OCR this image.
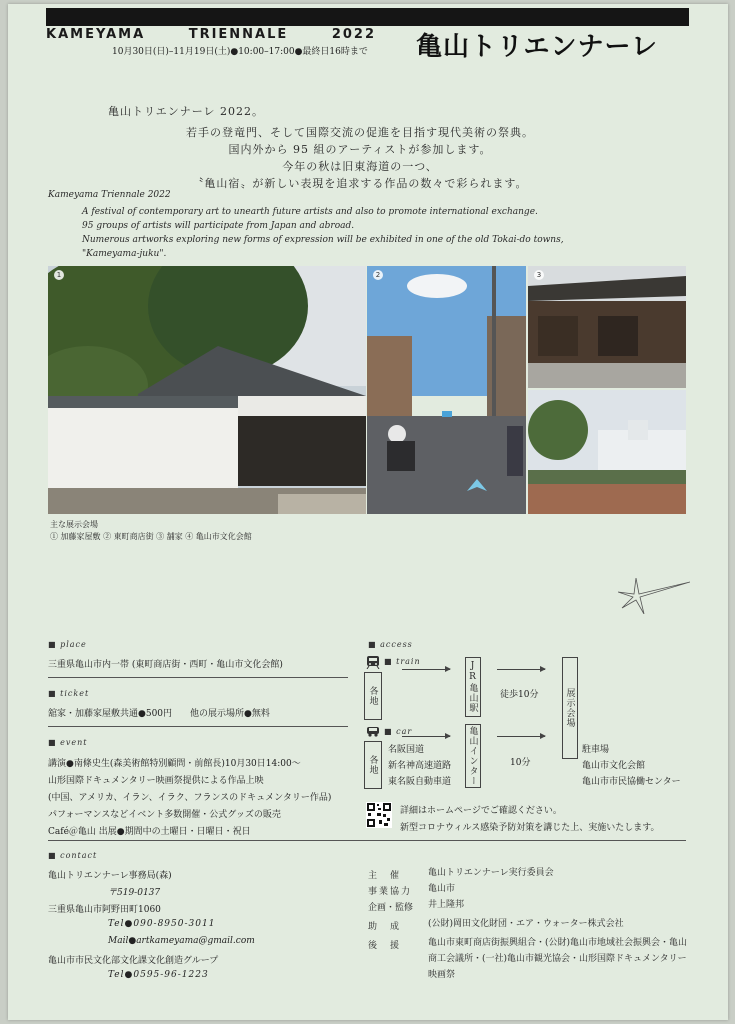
KAMEYAMA	TRIENNALE	2022
10月30日(日)–11月19日(土)●10:00–17:00●最終日16時まで 亀山トリエンナーレ
亀山トリエンナーレ 2022。
若手の登竜門、そして国際交流の促進を目指す現代美術の祭典。
国内外から 95 組のアーティストが参加します。
今年の秋は旧東海道の一つ、
〝亀山宿〟が新しい表現を追求する作品の数々で彩られます。
Kameyama Triennale 2022
A festival of contemporary art to unearth future artists and also to promote international exchange.
95 groups of artists will participate from Japan and abroad.
Numerous artworks exploring new forms of expression will be exhibited in one of the old Tokai-do towns,
"Kameyama-juku".
1	2	3
主な展示会場
① 加藤家屋敷 ② 東町商店街 ③ 舗家 ④ 亀山市文化会館
■ place
三重県亀山市内一帯 (東町商店街・西町・亀山市文化会館)
■ ticket
舘家・加藤家屋敷共通●500円　　他の展示場所●無料
■ event
講演●南條史生(森美術館特別顧問・前館長)10月30日14:00〜
山形国際ドキュメンタリー映画祭提供による作品上映
(中国、アメリカ、イラン、イラク、フランスのドキュメンタリー作品)
パフォーマンスなどイベント多数開催・公式グッズの販売
Café＠亀山 出展●期間中の土曜日・日曜日・祝日
■ access
■ train
各地	JR亀山駅	徒歩10分	展示会場
■ car
各地
名阪国道
新名神高速道路
東名阪自動車道 亀山インター	10分
駐車場
亀山市文化会館
亀山市市民協働センター
詳細はホームページでご確認ください。
新型コロナウィルス感染予防対策を講じた上、実施いたします。
■ contact
亀山トリエンナーレ事務局(森)
〒519-0137
三重県亀山市阿野田町1060
Tel●090-8950-3011
Mail●artkameyama@gmail.com
亀山市市民文化部文化課文化創造グループ
Tel●0595-96-1223
主　催	亀山トリエンナーレ実行委員会
事業協力 亀山市
企画・監修 井上隆邦
助　成	(公財)岡田文化財団・エア・ウォーター株式会社
後　援	亀山市東町商店街振興組合・(公財)亀山市地域社会振興会・亀山商工会議所・(一社)亀山市観光協会・山形国際ドキュメンタリー映画祭
